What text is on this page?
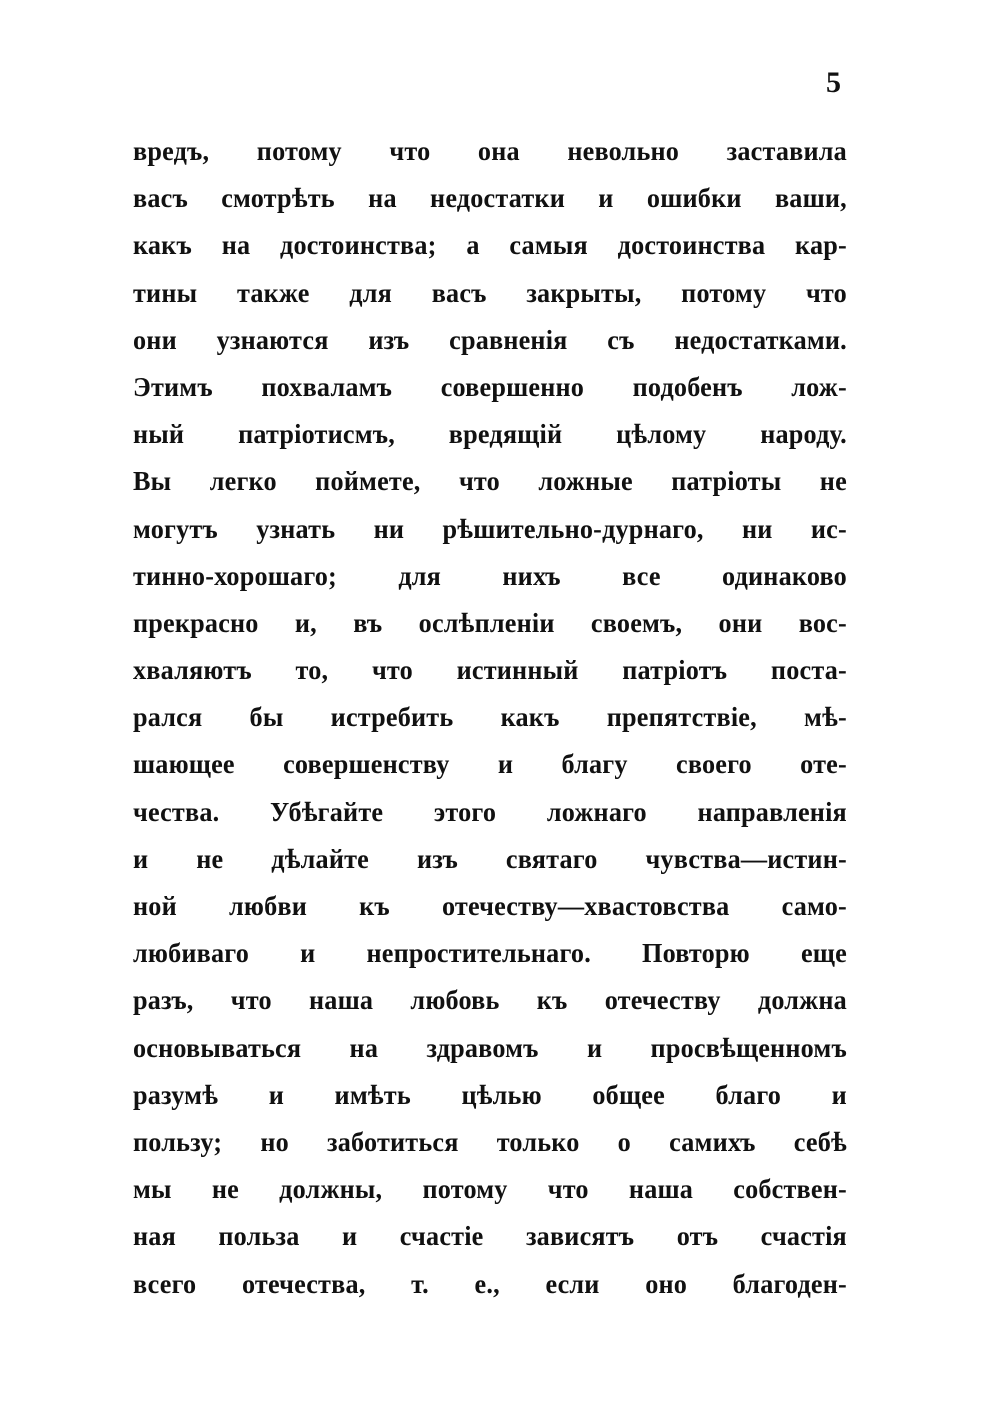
5
вредъ, потому что она невольно заставила
васъ смотрѣть на недостатки и ошибки ваши,
какъ на достоинства; а самыя достоинства кар-
тины также для васъ закрыты, потому что
они узнаются изъ сравненія съ недостатками.
Этимъ похваламъ совершенно подобенъ лож-
ный патріотисмъ, вредящій цѣлому народу.
Вы легко поймете, что ложные патріоты не
могутъ узнать ни рѣшительно-дурнаго, ни ис-
тинно-хорошаго; для нихъ все одинаково
прекрасно и, въ ослѣпленіи своемъ, они вос-
хваляютъ то, что истинный патріотъ поста-
рался бы истребить какъ препятствіе, мѣ-
шающее совершенству и благу своего оте-
чества. Убѣгайте этого ложнаго направленія
и не дѣлайте изъ святаго чувства—истин-
ной любви къ отечеству—хвастовства само-
любиваго и непростительнаго. Повторю еще
разъ, что наша любовь къ отечеству должна
основываться на здравомъ и просвѣщенномъ
разумѣ и имѣть цѣлью общее благо и
пользу; но заботиться только о самихъ себѣ
мы не должны, потому что наша собствен-
ная польза и счастіе зависятъ отъ счастія
всего отечества, т. е., если оно благоден-
